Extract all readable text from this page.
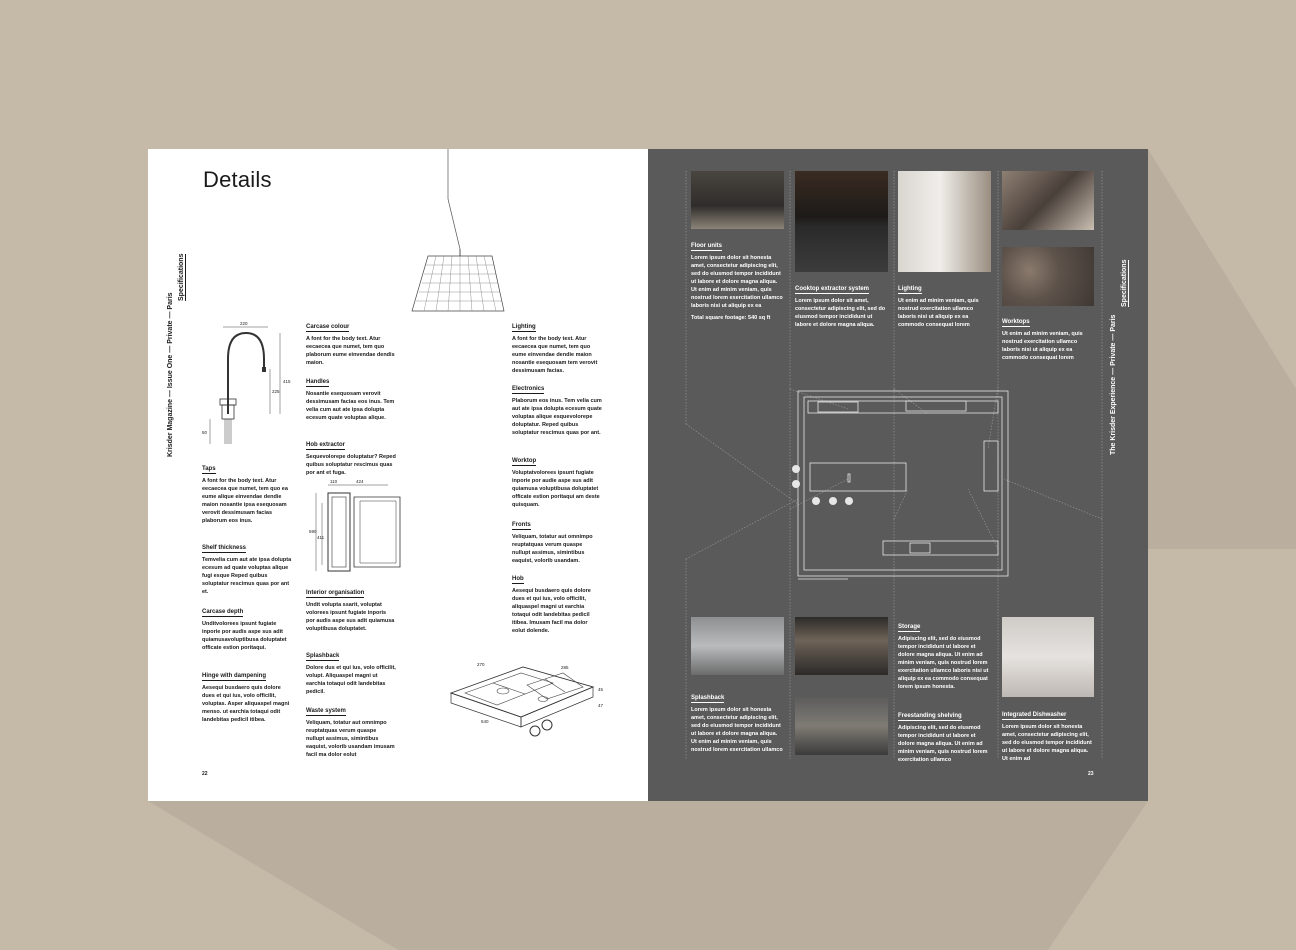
Details
Krisder Magazine — Issue One — Private — Paris
Specifications
220
415
225
50
110	424
590
411
270
285
540
45
47
Taps
A font for the body text. Atur eecaecea que numet, tem quo ea eume alique einvendae dendie maion nosantie ipsa esequosam verovit dessimusam facias plaborum eos inus.
Shelf thickness
Temvelia cum aut ate ipsa dolupta ecesum ad quate voluptas alique fugi esque Reped quibus soluptatur rescimus quas por ant et.
Carcase depth
Unditvolorees ipsunt fugiate inporie por audis aspe sus adit quiamusavoluptibusa doluptatet officate estion poritaqui.
Hinge with dampening
Aesequi busdaero quis dolore dues et qui ius, volo officilit, voluptas. Asper aliquaspel magni menso. ut earchia totaqui odit landebitas pedicil itibea.
Carcase colour
A font for the body text. Atur eecaecea que numet, tem quo plaborum eume einvendae dendis maion.
Handles
Nosantie esequosam verovit dessimusam facias eos inus. Tem velia cum aut ate ipsa dolupta ecesum quate voluptas alique.
Hob extractor
Sequevolorepe doluptatur? Reped quibus soluptatur rescimus quas por ant et fuga.
Interior organisation
Undit volupta ssarit, voluptat volorees ipsunt fugiate inporis por audis aspe sus adit quiamusa voluptibusa doluptatet.
Splashback
Dolore dus et qui ius, volo officilit, volupt. Aliquaspel magni ut earchia totaqui odit landebitas pedicil.
Waste system
Veliquam, totatur aut omnimpo reuptatquas verum quaspe nullupt assimus, simintibus eaquist, volorib usandam imusam facil ma dolor eolut
Lighting
A font for the body text. Atur eecaecea que numet, tem quo eume einvendae dendie maion nosantie esequosam tem verovit dessimusam facias.
Electronics
Plaborum eos inus. Tem velia cum aut ate ipsa dolupta ecesum quate voluptas alique esquevolorepe doluptatur. Reped quibus soluptatur rescimus quas por ant.
Worktop
Voluptatvolorees ipsunt fugiate inporie por audie aspe sus adit quiamusa voluptibusa doluptatet officate estion poritaqui am deste quisquam.
Fronts
Veliquam, totatur aut omnimpo reuptatquas verum quaspe nullupt assimus, simintibus eaquist, volorib usandam.
Hob
Aesequi busdaero quis dolore dues et qui ius, volo officilit, aliquaspel magni ut earchia totaqui odit landebitas pedicil itibea. Imusam facil ma dolor eolut dolende.
22
Floor units
Lorem ipsum dolor sit honesta amet, consectetur adipiscing elit, sed do eiusmod tempor incididunt ut labore et dolore magna aliqua. Ut enim ad minim veniam, quis nostrud lorem exercitation ullamco laboris nisi ut aliquip ex ea
Total square footage: 540 sq ft
Cooktop extractor system
Lorem ipsum dolor sit amet, consectetur adipiscing elit, sed do eiusmod tempor incididunt ut labore et dolore magna aliqua.
Lighting
Ut enim ad minim veniam, quis nostrud exercitation ullamco laboris nisi ut aliquip ex ea commodo consequat lorem	Worktops
Ut enim ad minim veniam, quis nostrud exercitation ullamco laboris nisi ut aliquip ex ea commodo consequat lorem
Splashback
Lorem ipsum dolor sit honesta amet, consectetur adipiscing elit, sed do eiusmod tempor incididunt ut labore et dolore magna aliqua. Ut enim ad minim veniam, quis nostrud lorem exercitation ullamco
Storage
Adipiscing elit, sed do eiusmod tempor incididunt ut labore et dolore magna aliqua. Ut enim ad minim veniam, quis nostrud lorem exercitation ullamco laboris nisi ut aliquip ex ea commodo consequat lorem ipsum honesta.
Freestanding shelving
Adipiscing elit, sed do eiusmod tempor incididunt ut labore et dolore magna aliqua. Ut enim ad minim veniam, quis nostrud lorem exercitation ullamco
Integrated Dishwasher
Lorem ipsum dolor sit honesta amet, consectetur adipiscing elit, sed do eiusmod tempor incididunt ut labore et dolore magna aliqua. Ut enim ad
The Krisder Experience — Private — Paris
Specifications
23
